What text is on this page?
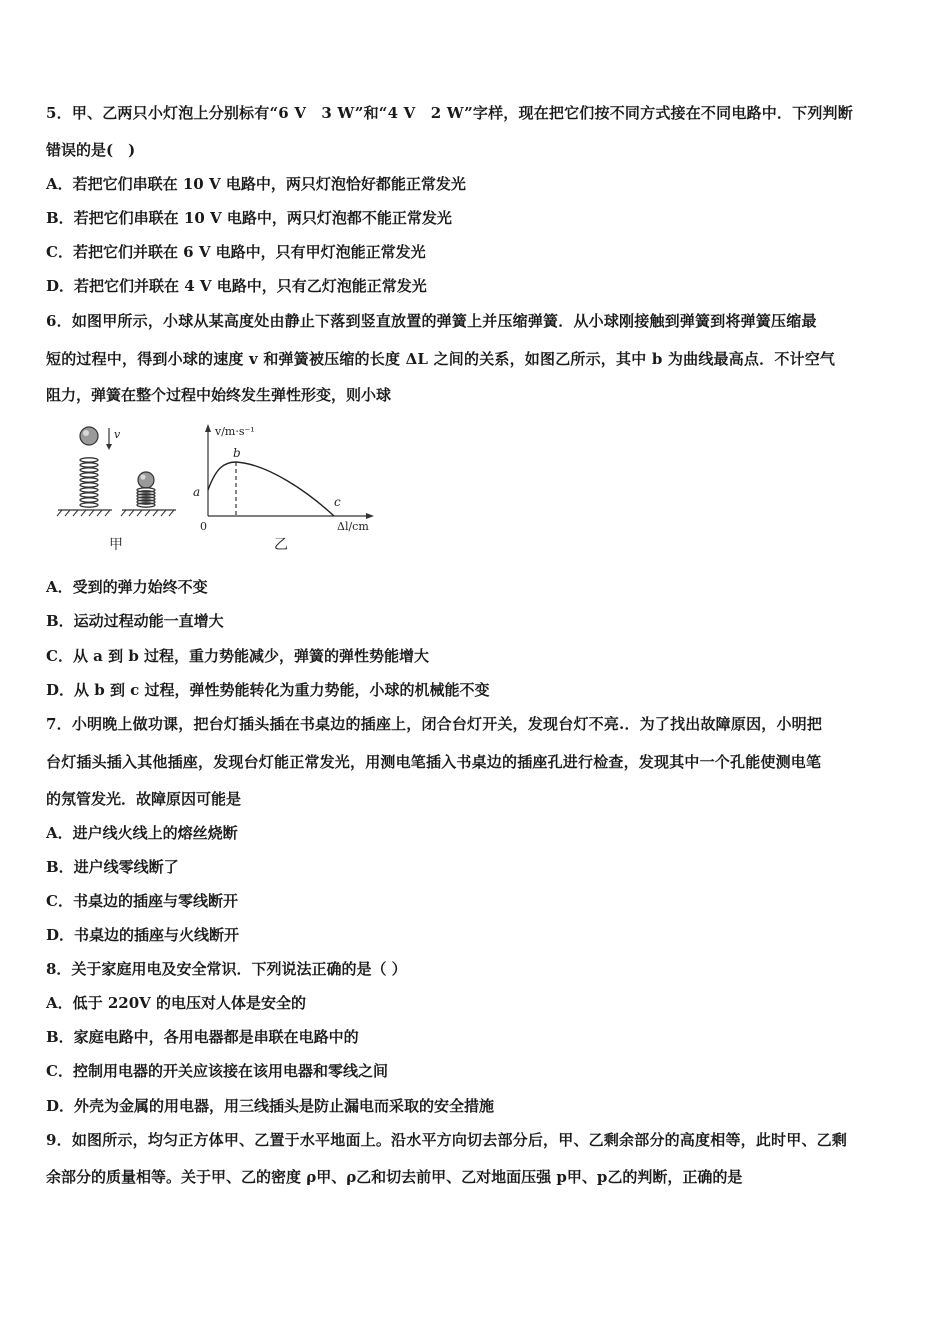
5．甲、乙两只小灯泡上分别标有“6 V　3 W”和“4 V　2 W”字样，现在把它们按不同方式接在不同电路中．下列判断
错误的是(　)
A．若把它们串联在 10 V 电路中，两只灯泡恰好都能正常发光
B．若把它们串联在 10 V 电路中，两只灯泡都不能正常发光
C．若把它们并联在 6 V 电路中，只有甲灯泡能正常发光
D．若把它们并联在 4 V 电路中，只有乙灯泡能正常发光
6．如图甲所示，小球从某高度处由静止下落到竖直放置的弹簧上并压缩弹簧．从小球刚接触到弹簧到将弹簧压缩最
短的过程中，得到小球的速度 v 和弹簧被压缩的长度 ΔL 之间的关系，如图乙所示，其中 b 为曲线最高点．不计空气
阻力，弹簧在整个过程中始终发生弹性形变，则小球
v
甲
v/m·s⁻¹
Δl/cm
0
a
b
c
乙
A．受到的弹力始终不变
B．运动过程动能一直增大
C．从 a 到 b 过程，重力势能减少，弹簧的弹性势能增大
D．从 b 到 c 过程，弹性势能转化为重力势能，小球的机械能不变
7．小明晚上做功课，把台灯插头插在书桌边的插座上，闭合台灯开关，发现台灯不亮.．为了找出故障原因，小明把
台灯插头插入其他插座，发现台灯能正常发光，用测电笔插入书桌边的插座孔进行检查，发现其中一个孔能使测电笔
的氖管发光．故障原因可能是
A．进户线火线上的熔丝烧断
B．进户线零线断了
C．书桌边的插座与零线断开
D．书桌边的插座与火线断开
8．关于家庭用电及安全常识．下列说法正确的是（ ）
A．低于 220V 的电压对人体是安全的
B．家庭电路中，各用电器都是串联在电路中的
C．控制用电器的开关应该接在该用电器和零线之间
D．外壳为金属的用电器，用三线插头是防止漏电而采取的安全措施
9．如图所示，均匀正方体甲、乙置于水平地面上。沿水平方向切去部分后，甲、乙剩余部分的高度相等，此时甲、乙剩
余部分的质量相等。关于甲、乙的密度 ρ甲、ρ乙和切去前甲、乙对地面压强 p甲、p乙的判断，正确的是
